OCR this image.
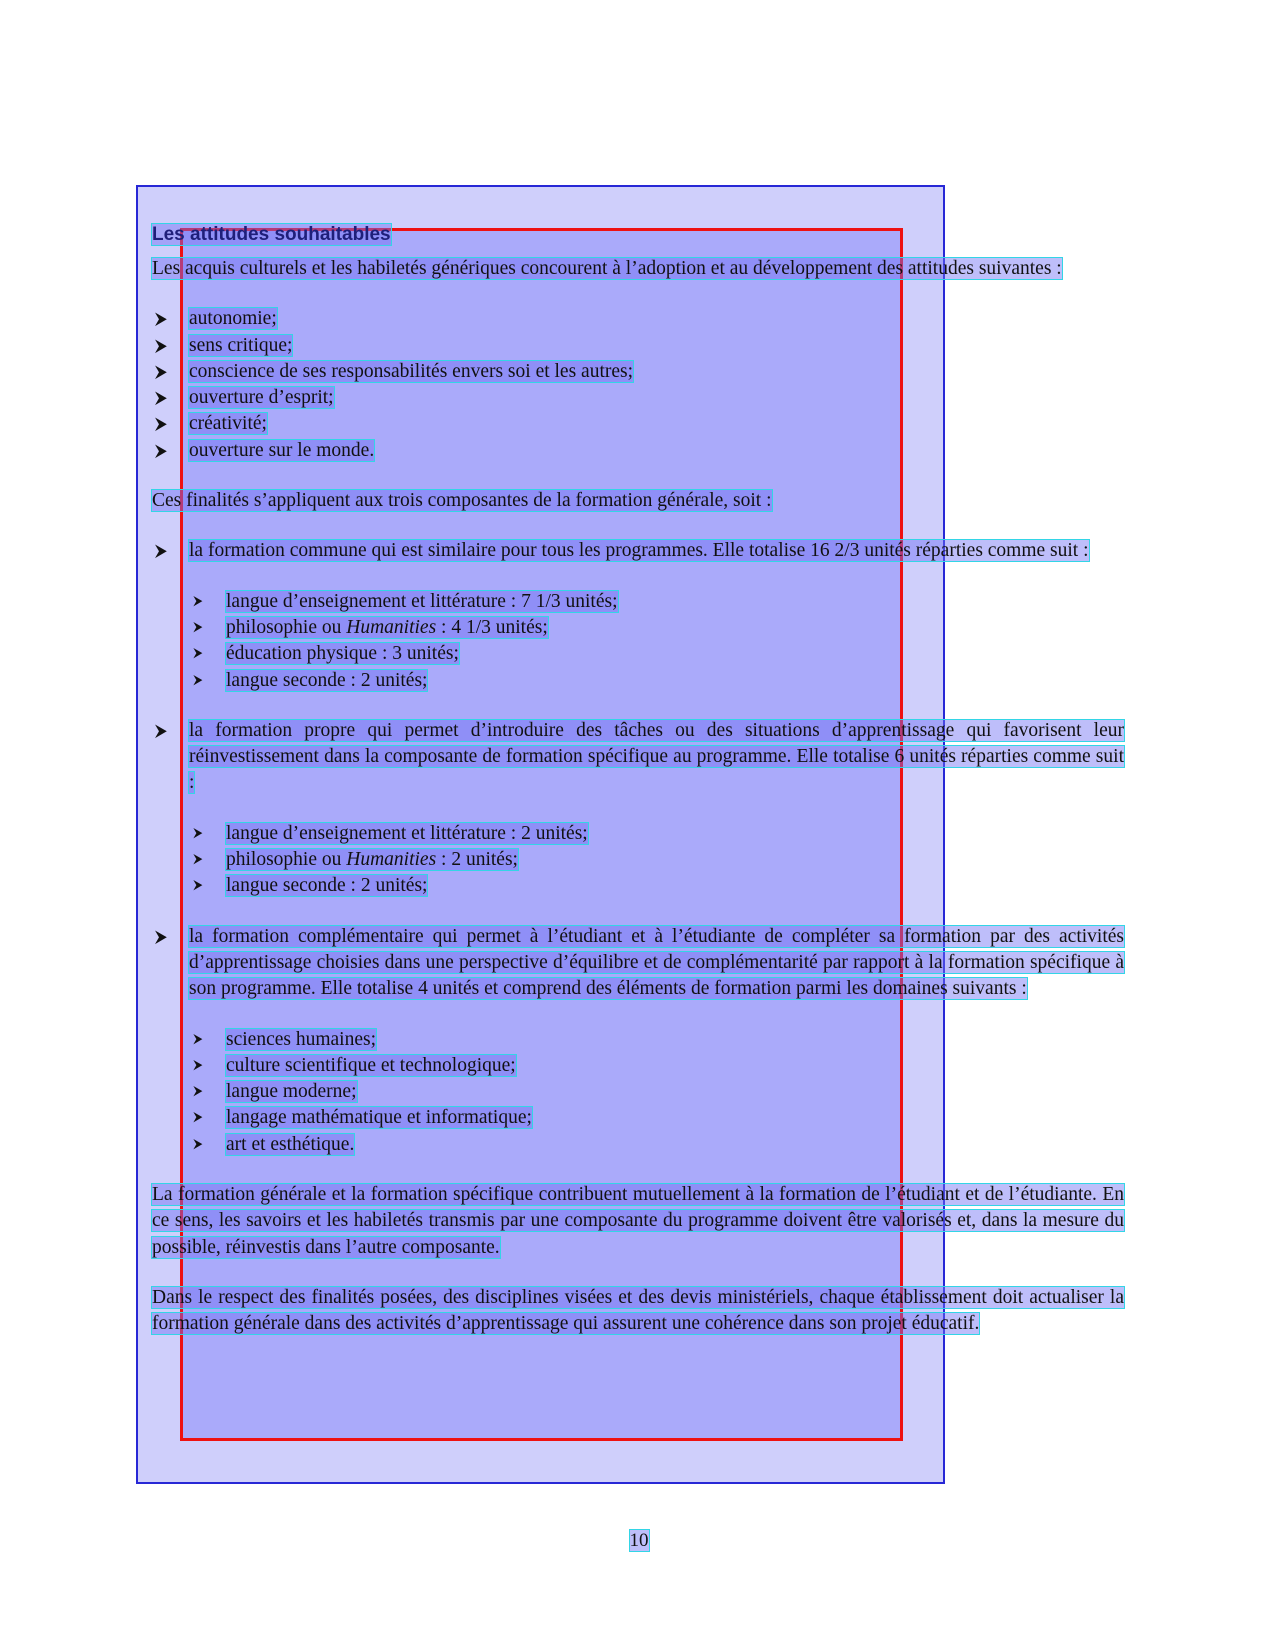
Les attitudes souhaitables

Les acquis culturels et les habiletés génériques concourent à l’adoption et au développement des attitudes suivantes :

⮞ autonomie;
⮞ sens critique;
⮞ conscience de ses responsabilités envers soi et les autres;
⮞ ouverture d’esprit;
⮞ créativité;
⮞ ouverture sur le monde.

Ces finalités s’appliquent aux trois composantes de la formation générale, soit :

⮞ la formation commune qui est similaire pour tous les programmes. Elle totalise 16 2/3 unités réparties comme suit :
⮞ langue d’enseignement et littérature : 7 1/3 unités;
⮞ philosophie ou Humanities : 4 1/3 unités;
⮞ éducation physique : 3 unités;
⮞ langue seconde : 2 unités;
⮞ la formation propre qui permet d’introduire des tâches ou des situations d’apprentissage qui favorisent leur réinvestissement dans la composante de formation spécifique au programme. Elle totalise 6 unités réparties comme suit :
⮞ langue d’enseignement et littérature : 2 unités;
⮞ philosophie ou Humanities : 2 unités;
⮞ langue seconde : 2 unités;
⮞ la formation complémentaire qui permet à l’étudiant et à l’étudiante de compléter sa formation par des activités d’apprentissage choisies dans une perspective d’équilibre et de complémentarité par rapport à la formation spécifique à son programme. Elle totalise 4 unités et comprend des éléments de formation parmi les domaines suivants :
⮞ sciences humaines;
⮞ culture scientifique et technologique;
⮞ langue moderne;
⮞ langage mathématique et informatique;
⮞ art et esthétique.

La formation générale et la formation spécifique contribuent mutuellement à la formation de l’étudiant et de l’étudiante. En ce sens, les savoirs et les habiletés transmis par une composante du programme doivent être valorisés et, dans la mesure du possible, réinvestis dans l’autre composante.

Dans le respect des finalités posées, des disciplines visées et des devis ministériels, chaque établissement doit actualiser la formation générale dans des activités d’apprentissage qui assurent une cohérence dans son projet éducatif.

10
